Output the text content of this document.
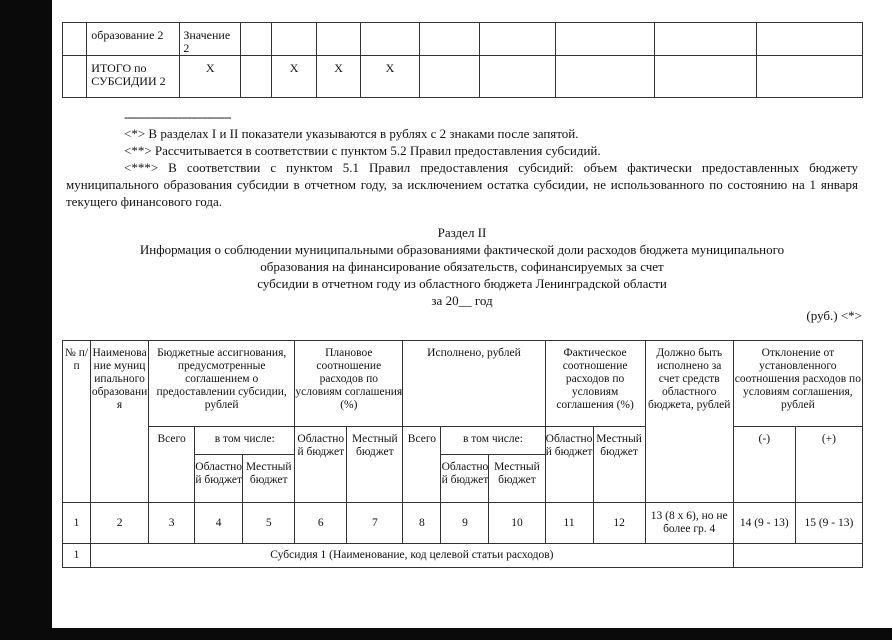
	образование 2	Значение 2									
	ИТОГО по СУБСИДИИ 2	X		X	X	X					

--------------------------------

<*> В разделах I и II показатели указываются в рублях с 2 знаками после запятой.

<**> Рассчитывается в соответствии с пунктом 5.2 Правил предоставления субсидий.

<***> В соответствии с пунктом 5.1 Правил предоставления субсидий: объем фактически предоставленных бюджету муниципального образования субсидии в отчетном году, за исключением остатка субсидии, не использованного по состоянию на 1 января текущего финансового года.

Раздел II

Информация о соблюдении муниципальными образованиями фактической доли расходов бюджета муниципального

образования на финансирование обязательств, софинансируемых за счет

субсидии в отчетном году из областного бюджета Ленинградской области

за 20__ год

(руб.) <*>
№ п/п	Наименование муниципального образования	Бюджетные ассигнования, предусмотренные соглашением о предоставлении субсидии, рублей			Плановое соотношение расходов по условиям соглашения (%)		Исполнено, рублей			Фактическое соотношение расходов по условиям соглашения (%)		Должно быть исполнено за счет средств областного бюджета, рублей	Отклонение от установленного соотношения расходов по условиям соглашения, рублей	
		Всего	в том числе:		Областной бюджет	Местный бюджет	Всего	в том числе:		Областной бюджет	Местный бюджет		(-)	(+)
			Областной бюджет	Местный бюджет				Областной бюджет	Местный бюджет					
1	2	3	4	5	6	7	8	9	10	11	12	13 (8 х 6), но не более гр. 4	14 (9 - 13)	15 (9 - 13)
1	Субсидия 1 (Наименование, код целевой статьи расходов)													
